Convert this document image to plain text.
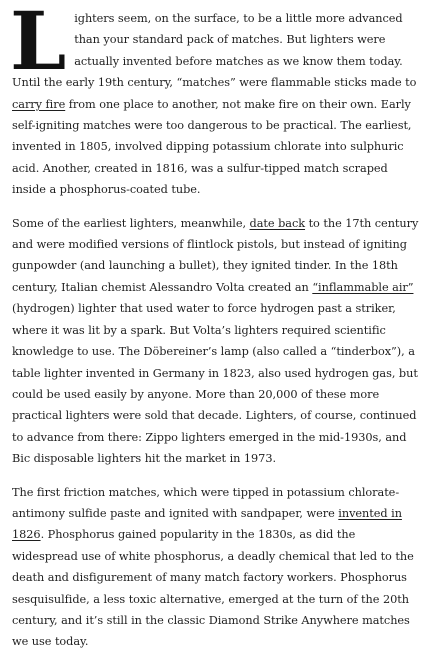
Lighters seem, on the surface, to be a little more advanced than your standard pack of matches. But lighters were actually invented before matches as we know them today. Until the early 19th century, “matches” were flammable sticks made to carry fire from one place to another, not make fire on their own. Early self-igniting matches were too dangerous to be practical. The earliest, invented in 1805, involved dipping potassium chlorate into sulphuric acid. Another, created in 1816, was a sulfur-tipped match scraped inside a phosphorus-coated tube.

Some of the earliest lighters, meanwhile, date back to the 17th century and were modified versions of flintlock pistols, but instead of igniting gunpowder (and launching a bullet), they ignited tinder. In the 18th century, Italian chemist Alessandro Volta created an “inflammable air” (hydrogen) lighter that used water to force hydrogen past a striker, where it was lit by a spark. But Volta’s lighters required scientific knowledge to use. The Döbereiner’s lamp (also called a “tinderbox”), a table lighter invented in Germany in 1823, also used hydrogen gas, but could be used easily by anyone. More than 20,000 of these more practical lighters were sold that decade. Lighters, of course, continued to advance from there: Zippo lighters emerged in the mid-1930s, and Bic disposable lighters hit the market in 1973.

The first friction matches, which were tipped in potassium chlorate-antimony sulfide paste and ignited with sandpaper, were invented in 1826. Phosphorus gained popularity in the 1830s, as did the widespread use of white phosphorus, a deadly chemical that led to the death and disfigurement of many match factory workers. Phosphorus sesquisulfide, a less toxic alternative, emerged at the turn of the 20th century, and it’s still in the classic Diamond Strike Anywhere matches we use today.
